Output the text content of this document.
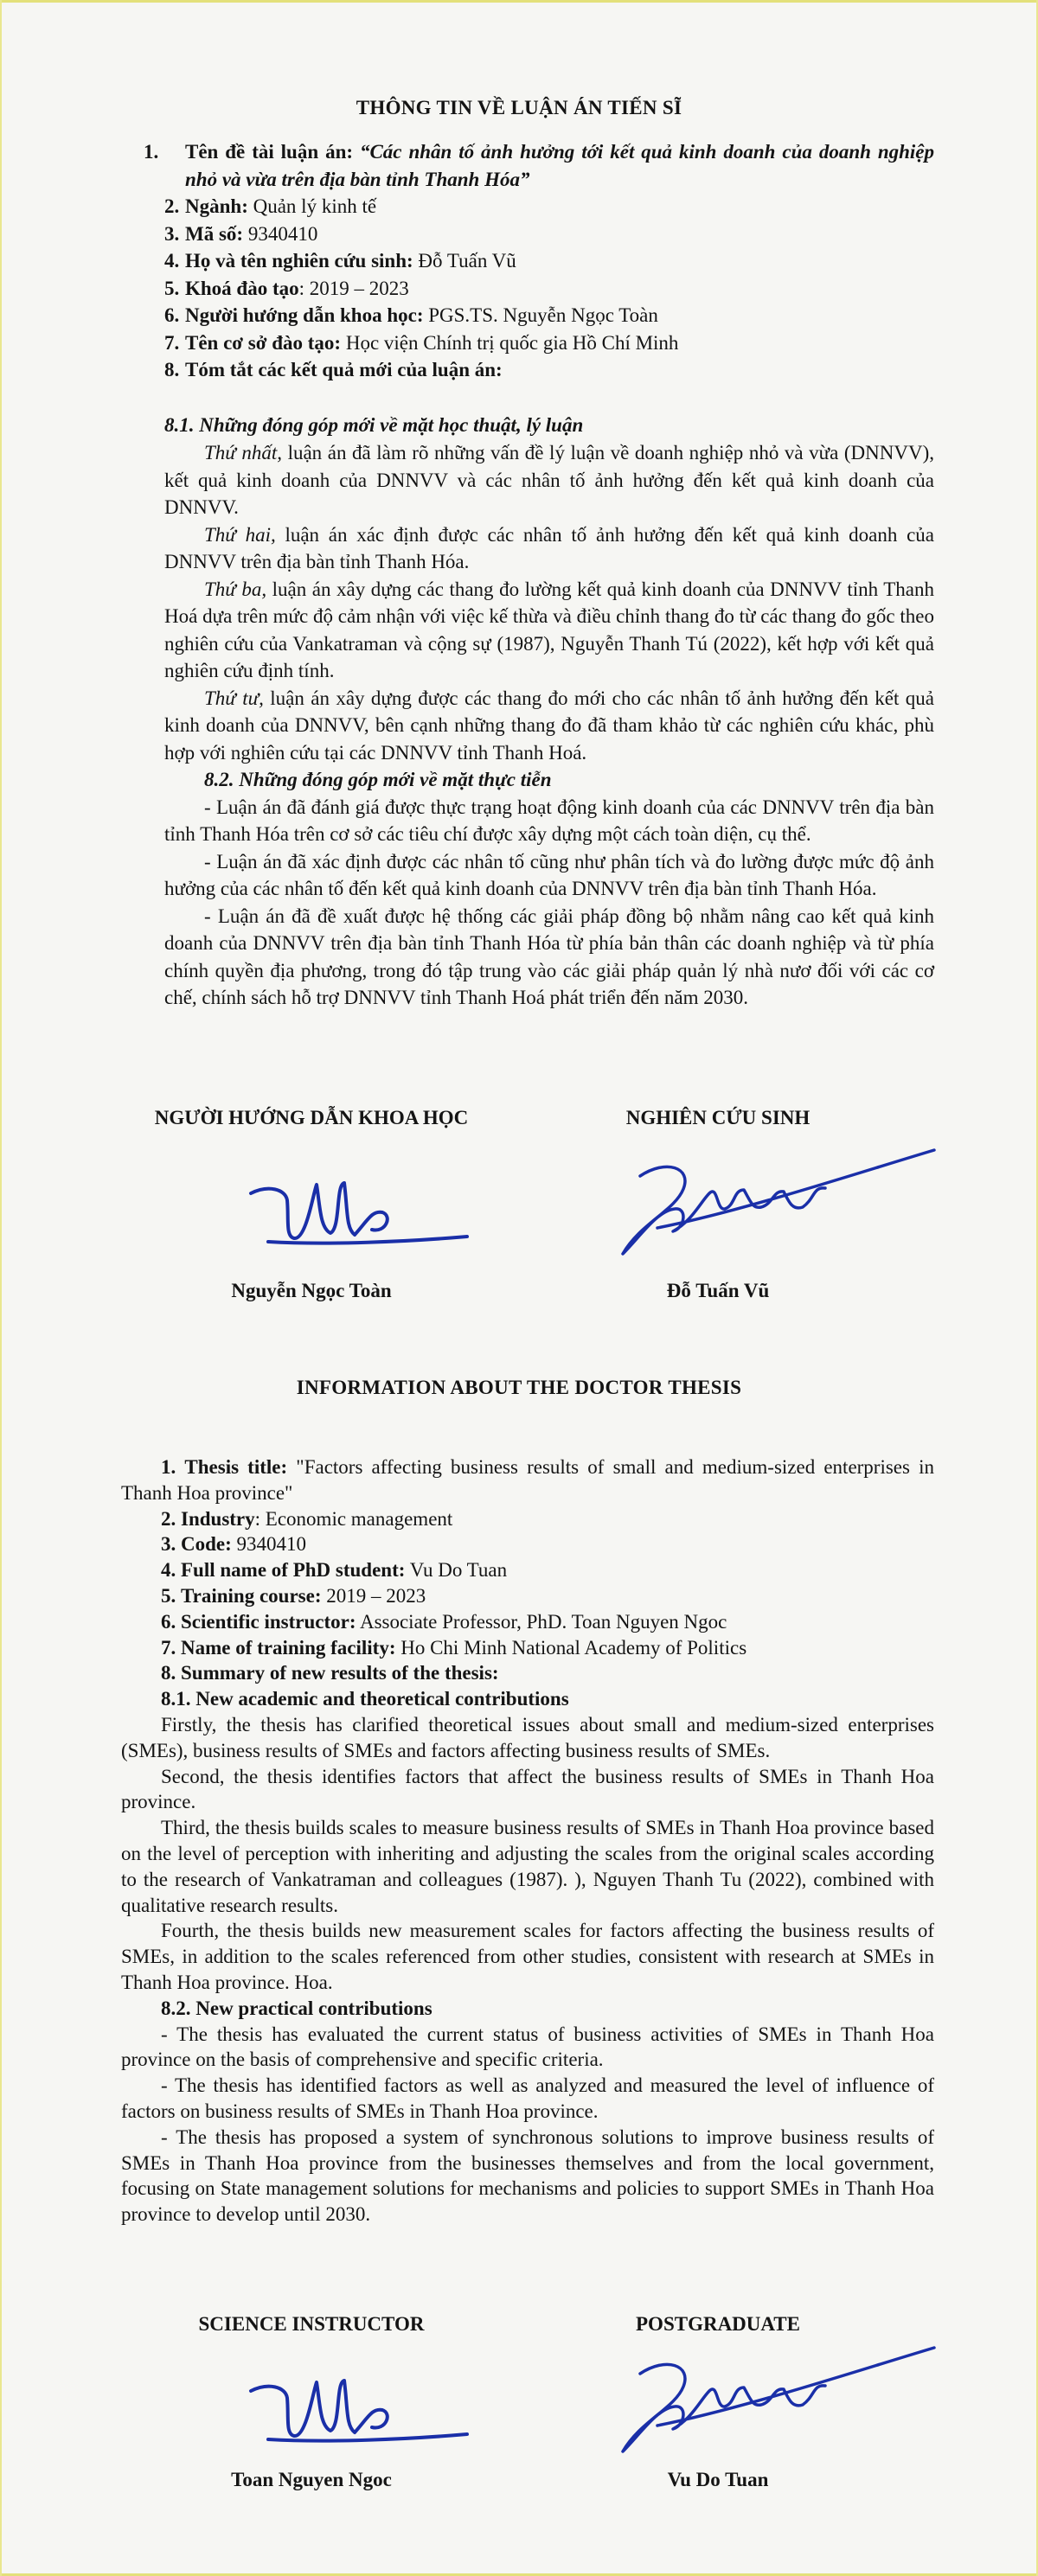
THÔNG TIN VỀ LUẬN ÁN TIẾN SĨ
1. Tên đề tài luận án: “Các nhân tố ảnh hưởng tới kết quả kinh doanh của doanh nghiệp nhỏ và vừa trên địa bàn tỉnh Thanh Hóa”
2. Ngành: Quản lý kinh tế
3. Mã số: 9340410
4. Họ và tên nghiên cứu sinh: Đỗ Tuấn Vũ
5. Khoá đào tạo: 2019 – 2023
6. Người hướng dẫn khoa học: PGS.TS. Nguyễn Ngọc Toàn
7. Tên cơ sở đào tạo: Học viện Chính trị quốc gia Hồ Chí Minh
8. Tóm tắt các kết quả mới của luận án:
8.1. Những đóng góp mới về mặt học thuật, lý luận

Thứ nhất, luận án đã làm rõ những vấn đề lý luận về doanh nghiệp nhỏ và vừa (DNNVV), kết quả kinh doanh của DNNVV và các nhân tố ảnh hưởng đến kết quả kinh doanh của DNNVV.

Thứ hai, luận án xác định được các nhân tố ảnh hưởng đến kết quả kinh doanh của DNNVV trên địa bàn tỉnh Thanh Hóa.

Thứ ba, luận án xây dựng các thang đo lường kết quả kinh doanh của DNNVV tỉnh Thanh Hoá dựa trên mức độ cảm nhận với việc kế thừa và điều chỉnh thang đo từ các thang đo gốc theo nghiên cứu của Vankatraman và cộng sự (1987), Nguyễn Thanh Tú (2022), kết hợp với kết quả nghiên cứu định tính.

Thứ tư, luận án xây dựng được các thang đo mới cho các nhân tố ảnh hưởng đến kết quả kinh doanh của DNNVV, bên cạnh những thang đo đã tham khảo từ các nghiên cứu khác, phù hợp với nghiên cứu tại các DNNVV tỉnh Thanh Hoá.

8.2. Những đóng góp mới về mặt thực tiễn

- Luận án đã đánh giá được thực trạng hoạt động kinh doanh của các DNNVV trên địa bàn tỉnh Thanh Hóa trên cơ sở các tiêu chí được xây dựng một cách toàn diện, cụ thể.

- Luận án đã xác định được các nhân tố cũng như phân tích và đo lường được mức độ ảnh hưởng của các nhân tố đến kết quả kinh doanh của DNNVV trên địa bàn tỉnh Thanh Hóa.

- Luận án đã đề xuất được hệ thống các giải pháp đồng bộ nhằm nâng cao kết quả kinh doanh của DNNVV trên địa bàn tỉnh Thanh Hóa từ phía bản thân các doanh nghiệp và từ phía chính quyền địa phương, trong đó tập trung vào các giải pháp quản lý nhà nươ đối với các cơ chế, chính sách hỗ trợ DNNVV tỉnh Thanh Hoá phát triển đến năm 2030.

NGƯỜI HƯỚNG DẪN KHOA HỌC	NGHIÊN CỨU SINH
Nguyễn Ngọc Toàn	Đỗ Tuấn Vũ
INFORMATION ABOUT THE DOCTOR THESIS

1. Thesis title: "Factors affecting business results of small and medium-sized enterprises in Thanh Hoa province"

2. Industry: Economic management

3. Code: 9340410

4. Full name of PhD student: Vu Do Tuan

5. Training course: 2019 – 2023

6. Scientific instructor: Associate Professor, PhD. Toan Nguyen Ngoc

7. Name of training facility: Ho Chi Minh National Academy of Politics

8. Summary of new results of the thesis:

8.1. New academic and theoretical contributions

Firstly, the thesis has clarified theoretical issues about small and medium-sized enterprises (SMEs), business results of SMEs and factors affecting business results of SMEs.

Second, the thesis identifies factors that affect the business results of SMEs in Thanh Hoa province.

Third, the thesis builds scales to measure business results of SMEs in Thanh Hoa province based on the level of perception with inheriting and adjusting the scales from the original scales according to the research of Vankatraman and colleagues (1987). ), Nguyen Thanh Tu (2022), combined with qualitative research results.

Fourth, the thesis builds new measurement scales for factors affecting the business results of SMEs, in addition to the scales referenced from other studies, consistent with research at SMEs in Thanh Hoa province. Hoa.

8.2. New practical contributions

- The thesis has evaluated the current status of business activities of SMEs in Thanh Hoa province on the basis of comprehensive and specific criteria.

- The thesis has identified factors as well as analyzed and measured the level of influence of factors on business results of SMEs in Thanh Hoa province.

- The thesis has proposed a system of synchronous solutions to improve business results of SMEs in Thanh Hoa province from the businesses themselves and from the local government, focusing on State management solutions for mechanisms and policies to support SMEs in Thanh Hoa province to develop until 2030.

SCIENCE INSTRUCTOR	POSTGRADUATE
Toan Nguyen Ngoc	Vu Do Tuan
